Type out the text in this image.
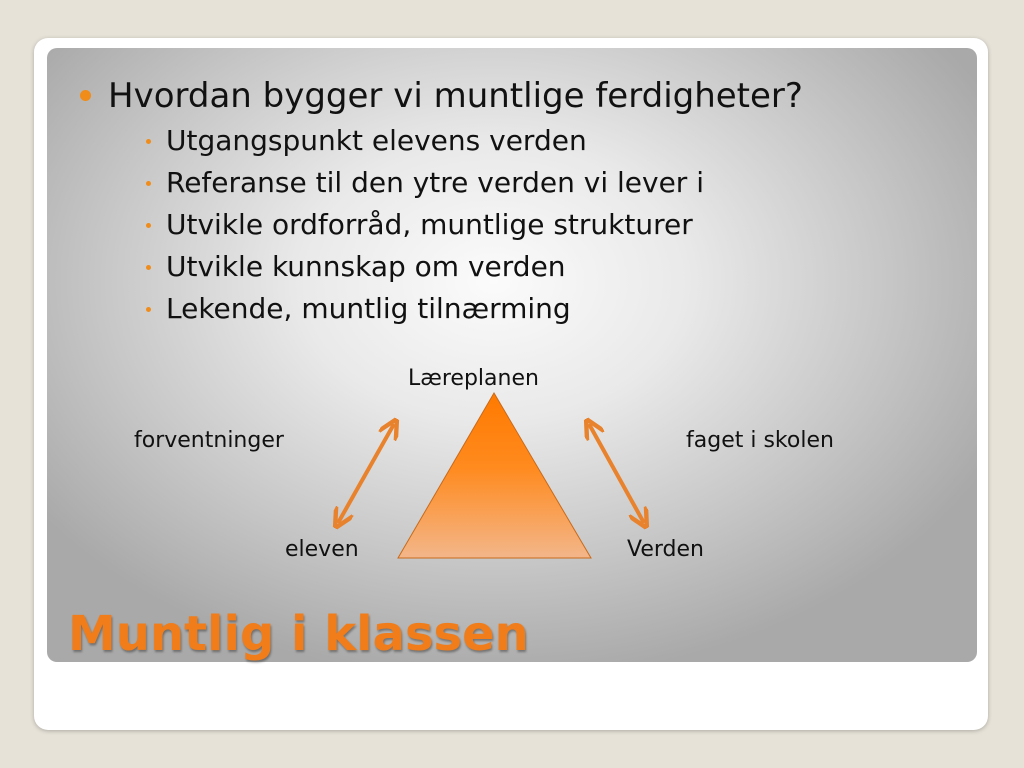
Hvordan bygger vi muntlige ferdigheter?
Utgangspunkt elevens verden
Referanse til den ytre verden vi lever i
Utvikle ordforråd, muntlige strukturer
Utvikle kunnskap om verden
Lekende, muntlig tilnærming
Læreplanen
forventninger	faget i skolen
eleven	Verden
Muntlig i klassen
